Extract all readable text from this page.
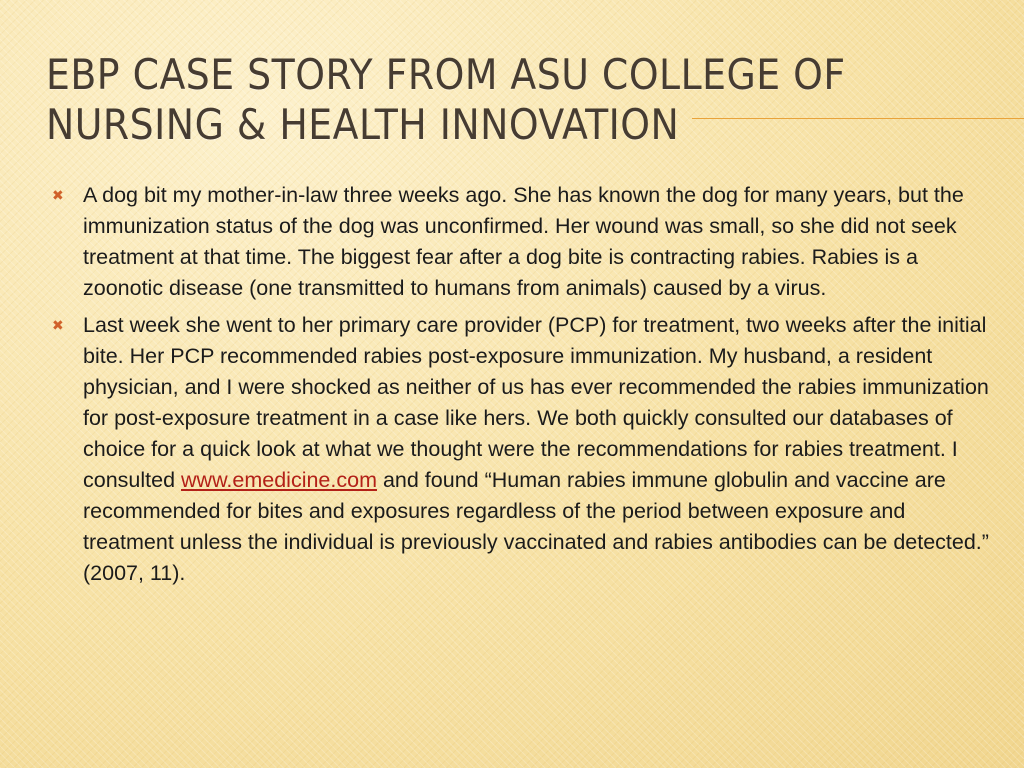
EBP CASE STORY FROM ASU COLLEGE OF
NURSING & HEALTH INNOVATION
✖ A dog bit my mother-in-law three weeks ago. She has known the dog for many years, but the immunization status of the dog was unconfirmed. Her wound was small, so she did not seek treatment at that time. The biggest fear after a dog bite is contracting rabies. Rabies is a zoonotic disease (one transmitted to humans from animals) caused by a virus.
✖ Last week she went to her primary care provider (PCP) for treatment, two weeks after the initial bite. Her PCP recommended rabies post-exposure immunization. My husband, a resident physician, and I were shocked as neither of us has ever recommended the rabies immunization for post-exposure treatment in a case like hers. We both quickly consulted our databases of choice for a quick look at what we thought were the recommendations for rabies treatment. I consulted www.emedicine.com and found “Human rabies immune globulin and vaccine are recommended for bites and exposures regardless of the period between exposure and treatment unless the individual is previously vaccinated and rabies antibodies can be detected.” (2007, 11).
